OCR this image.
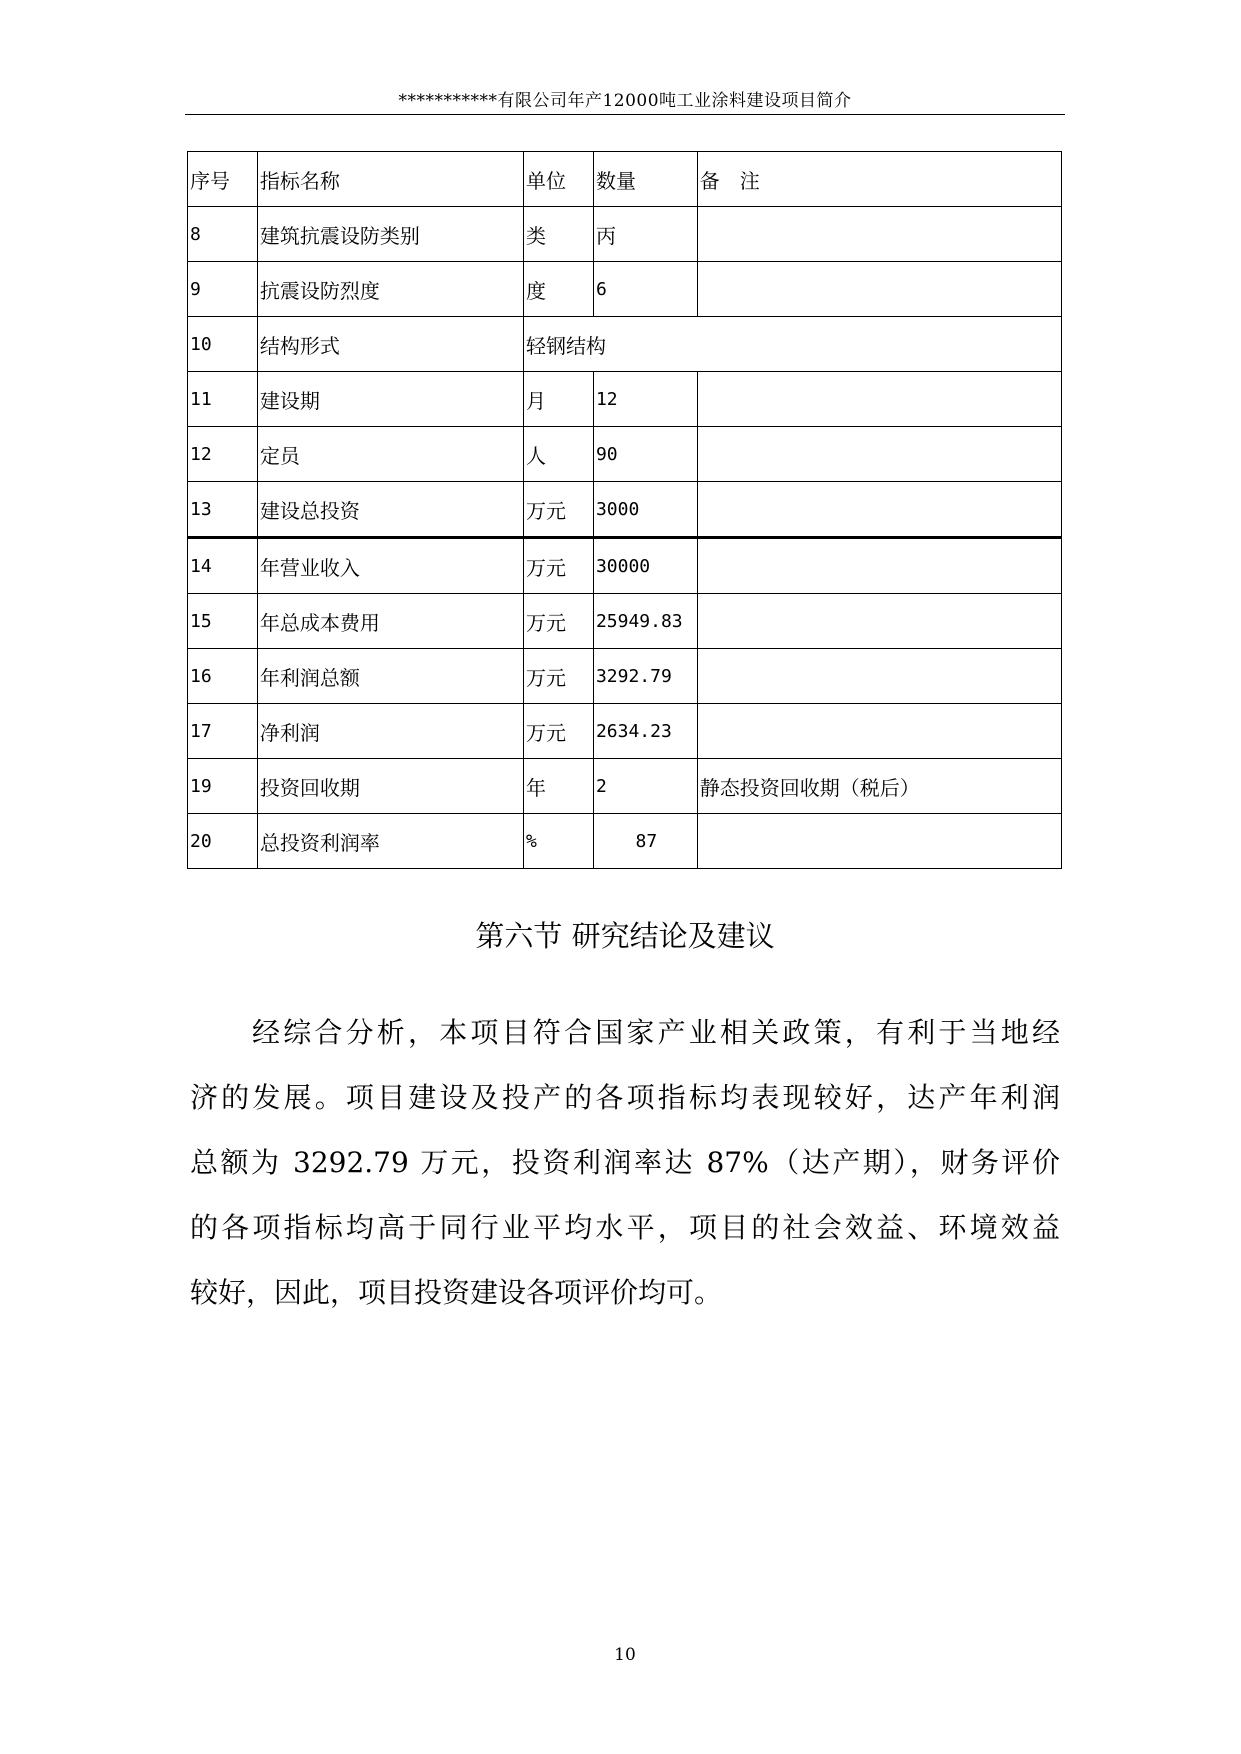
***********有限公司年产12000吨工业涂料建设项目简介
序号	指标名称	单位	数量	备　注
8	建筑抗震设防类别	类	丙	
9	抗震设防烈度	度	6	
10	结构形式	轻钢结构		
11	建设期	月	12	
12	定员	人	90	
13	建设总投资	万元	3000	
14	年营业收入	万元	30000	
15	年总成本费用	万元	25949.83	
16	年利润总额	万元	3292.79	
17	净利润	万元	2634.23	
19	投资回收期	年	2	静态投资回收期（税后）
20	总投资利润率	%	87	
第六节 研究结论及建议

经综合分析，本项目符合国家产业相关政策，有利于当地经
济的发展。项目建设及投产的各项指标均表现较好，达产年利润
总额为 3292.79 万元，投资利润率达 87%（达产期），财务评价
的各项指标均高于同行业平均水平，项目的社会效益、环境效益
较好，因此，项目投资建设各项评价均可。

10
